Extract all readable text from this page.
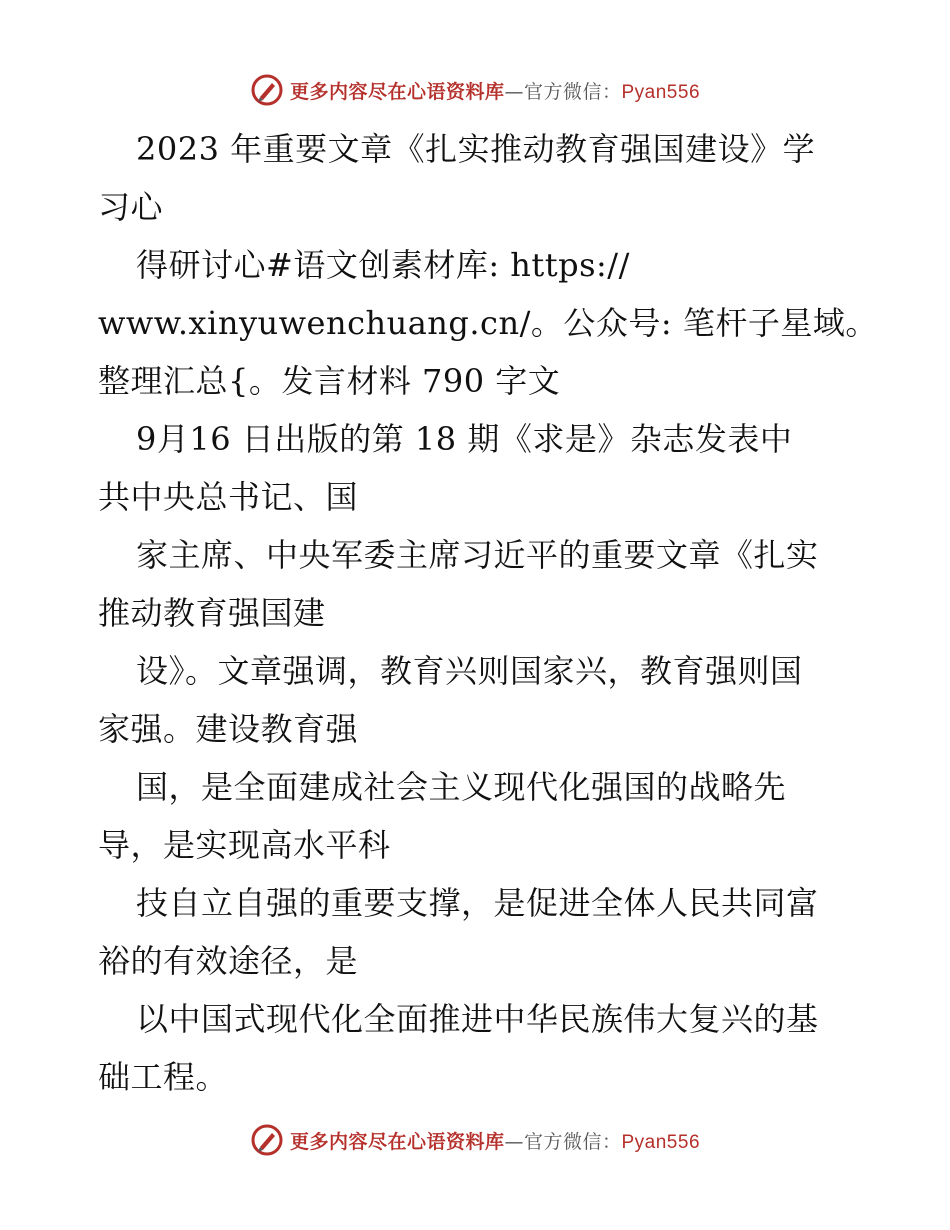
更多内容尽在心语资料库—官方微信：Pyan556
2023 年重要文章《扎实推动教育强国建设》学
习心
得研讨心#语文创素材库: https://
www.xinyuwenchuang.cn/。公众号: 笔杆子星域。
整理汇总{。发言材料 790 字文
9月16 日出版的第 18 期《求是》杂志发表中
共中央总书记、国
家主席、中央军委主席习近平的重要文章《扎实
推动教育强国建
设》。文章强调，教育兴则国家兴，教育强则国
家强。建设教育强
国，是全面建成社会主义现代化强国的战略先
导，是实现高水平科
技自立自强的重要支撑，是促进全体人民共同富
裕的有效途径，是
以中国式现代化全面推进中华民族伟大复兴的基
础工程。
更多内容尽在心语资料库—官方微信：Pyan556
